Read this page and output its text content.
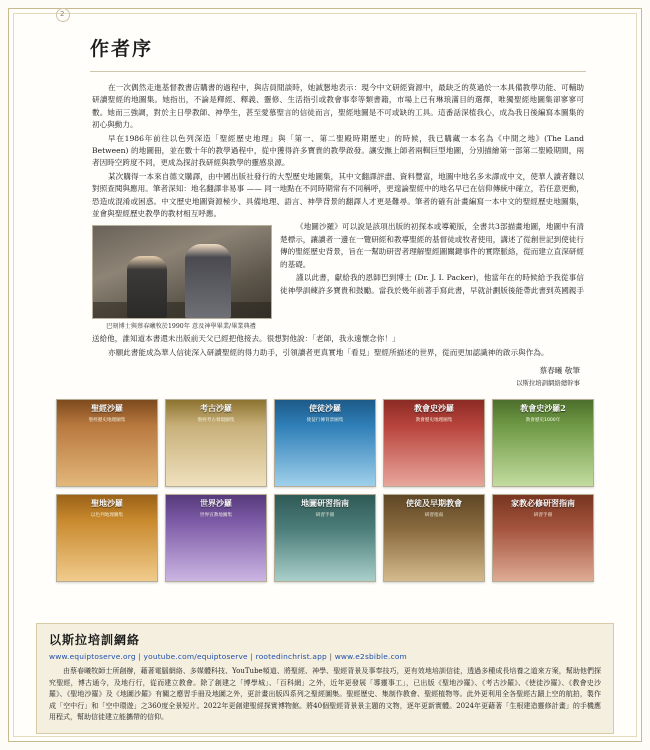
2
作者序

在一次偶然走進基督教書店購書的過程中，與店員閒談時，她誠懇地表示：現今中文研經資源中，最缺乏的莫過於一本具備教學功能、可輔助研讀聖經的地圖集。她指出，不論是釋經、釋義、靈修、生活指引或教會事奉等類書籍，市場上已有琳琅滿目的選擇，唯獨聖經地圖集卻寥寥可數。她而三強調，對於主日學教師、神學生，甚至愛慕聖言的信徒而言，聖經地圖是不可或缺的工具。這番話深植我心，成為我日後編寫本圖集的初心與動力。

早在1986年前往以色列深造「聖經歷史地理」與「第一、第二聖殿時期歷史」的時候，我已購藏一本名為《中間之地》(The Land Between) 的地圖冊，並在數十年的教學過程中，從中獲得許多寶貴的教學啟發。讓安撫上師者兩輯巨型地圖，分別描繪第一部第二聖殿期間，兩者因時空跨度不同，更成為探討我研經與教學的靈感泉源。

某次購得一本來自德文購譯，由中國出版社發行的大型歷史地圖集，其中文翻譯評盡、資料豐富，地圖中地名多未譯成中文，使華人讀者難以對照查閱與應用。筆者深知：地名翻譯非易事 —— 同一地點在不同時期常有不同稱呼，更遑論聖經中的地名早已在信仰傳統中確立，若任意更動，恐造成混淆或困惑。中文歷史地圖資源極少、具備地理、語言、神學背景的翻譯人才更是難尋。筆者的確有計畫編寫一本中文的聖經歷史地圖集，並會與聖經歷史教學的教材相互呼應。

巴刻博士與蔡春曦牧於1990年 意及神學畢業/畢業典禮

《地圖沙羅》可以說是該項出版的初探本或導範版，全書共3部描畫地圖，地圖中有清楚標示，讓讀者一邊在一覽研經和教導聖經的基督徒或牧者使用，講述了從創世記到使徒行傳的聖經歷史背景，旨在一幫助研習者理解聖經圖關鍵事件的實際脈絡，從而建立直深研經的基礎。

謹以此書，獻給我的恩師巴到博士 (Dr. J. I. Packer)，他當年在的時候給予我從事信徒神學訓練許多寶貴和鼓勵。當我於幾年前著手寫此書，早就計劃版後能帶此書到英國親手送給他，誰知道本書還未出版前天父已經把他接去。很想對他說：「老師，我永遠懷念你！」

亦願此書能成為華人信徒深入研讀聖經的得力助手，引領讀者更真實地「看見」聖經所描述的世界，從而更加認識神的啟示與作為。

蔡春曦 敬筆
以斯拉培訓網絡總幹事
聖經沙羅
聖經歷史地理圖集
考古沙羅
聖經考古發現圖集
使徒沙羅
使徒行傳背景圖集
教會史沙羅
教會歷史地理圖集
教會史沙羅2
教會歷史1000年
聖地沙羅
以色列地理圖集
世界沙羅
世界宣教地圖集
地圖研習指南
研習手冊
使徒及早期教會
研習指南
家教必修研習指南
研習手冊
以斯拉培訓網絡
www.equiptoserve.org | youtube.com/equiptoserve | rootedinchrist.app | www.e2sbible.com
由蔡春曦牧師士所創辦，藉著電腦網絡、多媒體科技、YouTube頻道、將聖經、神學、聖經背景及事奉技巧，更有效地培訓信徒，透過多種成長培養之道來方案，幫助他們探究聖經，博古通今，及地行行，從而建立教會。除了創建之「博學城」、「百科網」之外，近年更發展「導靈事工」，已出版《聖地沙羅》、《考古沙羅》、《使徒沙羅》、《教會史沙羅》、《聖地沙羅》及《地圖沙羅》有關之應習手冊及地圖之外，更計畫出版四系列之聖經圖集。聖經歷史、集制作教會、聖經植物等。此外更利用全各聖經古蹟上空的航拍，製作成「空中行」和「空中環遊」之360度全景短片。2022年更創建聖經探實博物館。將40個聖經背景景主題的文物，逐年更新實體。2024年更藉著「生根建造靈修計畫」的手機應用程式，幫助信徒建立能攜帶的信仰。
